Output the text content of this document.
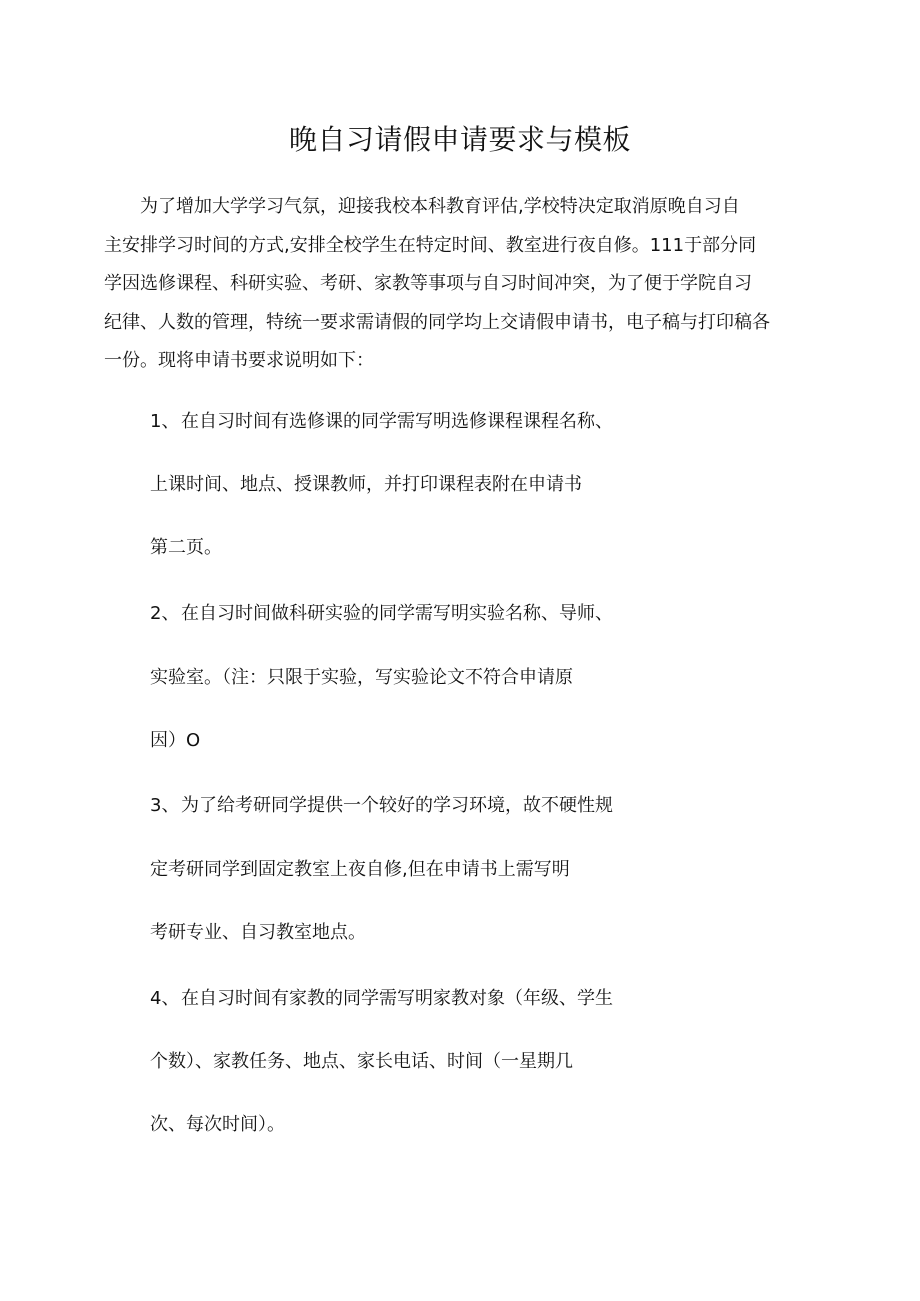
晚自习请假申请要求与模板

　　为了增加大学学习气氛，迎接我校本科教育评估,学校特决定取消原晚自习自
主安排学习时间的方式,安排全校学生在特定时间、教室进行夜自修。111于部分同
学因选修课程、科研实验、考研、家教等事项与自习时间冲突，为了便于学院自习
纪律、人数的管理，特统一要求需请假的同学均上交请假申请书，电子稿与打印稿各
一份。现将申请书要求说明如下：

1、在自习时间有选修课的同学需写明选修课程课程名称、
上课时间、地点、授课教师，并打印课程表附在申请书
第二页。
2、在自习时间做科研实验的同学需写明实验名称、导师、
实验室。（注：只限于实验，写实验论文不符合申请原
因）O
3、为了给考研同学提供一个较好的学习环境，故不硬性规
定考研同学到固定教室上夜自修,但在申请书上需写明
考研专业、自习教室地点。
4、在自习时间有家教的同学需写明家教对象（年级、学生
个数）、家教任务、地点、家长电话、时间（一星期几
次、每次时间）。
